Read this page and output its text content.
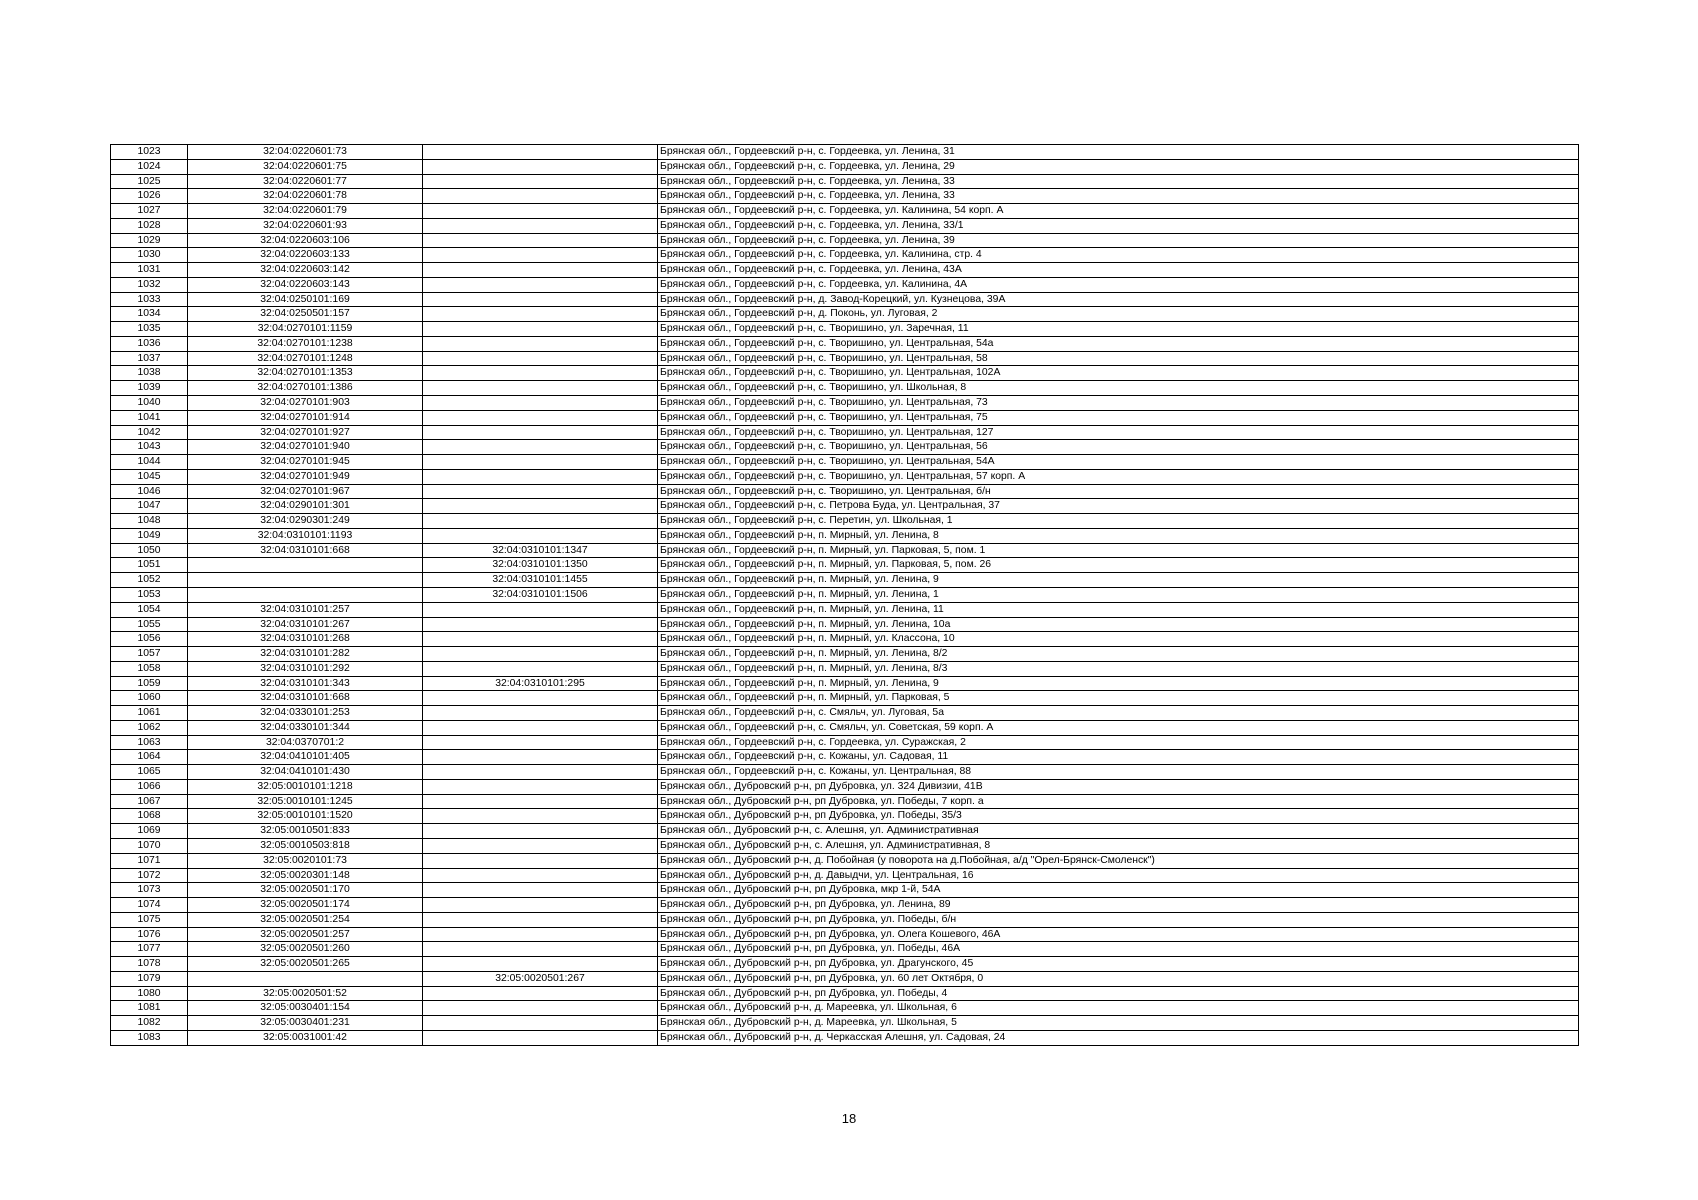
1023	32:04:0220601:73		Брянская обл., Гордеевский р-н, с. Гордеевка, ул. Ленина, 31
1024	32:04:0220601:75		Брянская обл., Гордеевский р-н, с. Гордеевка, ул. Ленина, 29
1025	32:04:0220601:77		Брянская обл., Гордеевский р-н, с. Гордеевка, ул. Ленина, 33
1026	32:04:0220601:78		Брянская обл., Гордеевский р-н, с. Гордеевка, ул. Ленина, 33
1027	32:04:0220601:79		Брянская обл., Гордеевский р-н, с. Гордеевка, ул. Калинина, 54 корп. А
1028	32:04:0220601:93		Брянская обл., Гордеевский р-н, с. Гордеевка, ул. Ленина, 33/1
1029	32:04:0220603:106		Брянская обл., Гордеевский р-н, с. Гордеевка, ул. Ленина, 39
1030	32:04:0220603:133		Брянская обл., Гордеевский р-н, с. Гордеевка, ул. Калинина, стр. 4
1031	32:04:0220603:142		Брянская обл., Гордеевский р-н, с. Гордеевка, ул. Ленина, 43А
1032	32:04:0220603:143		Брянская обл., Гордеевский р-н, с. Гордеевка, ул. Калинина, 4А
1033	32:04:0250101:169		Брянская обл., Гордеевский р-н, д. Завод-Корецкий, ул. Кузнецова, 39А
1034	32:04:0250501:157		Брянская обл., Гордеевский р-н, д. Поконь, ул. Луговая, 2
1035	32:04:0270101:1159		Брянская обл., Гордеевский р-н, с. Творишино, ул. Заречная, 11
1036	32:04:0270101:1238		Брянская обл., Гордеевский р-н, с. Творишино, ул. Центральная, 54а
1037	32:04:0270101:1248		Брянская обл., Гордеевский р-н, с. Творишино, ул. Центральная, 58
1038	32:04:0270101:1353		Брянская обл., Гордеевский р-н, с. Творишино, ул. Центральная, 102А
1039	32:04:0270101:1386		Брянская обл., Гордеевский р-н, с. Творишино, ул. Школьная, 8
1040	32:04:0270101:903		Брянская обл., Гордеевский р-н, с. Творишино, ул. Центральная, 73
1041	32:04:0270101:914		Брянская обл., Гордеевский р-н, с. Творишино, ул. Центральная, 75
1042	32:04:0270101:927		Брянская обл., Гордеевский р-н, с. Творишино, ул. Центральная, 127
1043	32:04:0270101:940		Брянская обл., Гордеевский р-н, с. Творишино, ул. Центральная, 56
1044	32:04:0270101:945		Брянская обл., Гордеевский р-н, с. Творишино, ул. Центральная, 54А
1045	32:04:0270101:949		Брянская обл., Гордеевский р-н, с. Творишино, ул. Центральная, 57 корп. А
1046	32:04:0270101:967		Брянская обл., Гордеевский р-н, с. Творишино, ул. Центральная, б/н
1047	32:04:0290101:301		Брянская обл., Гордеевский р-н, с. Петрова Буда, ул. Центральная, 37
1048	32:04:0290301:249		Брянская обл., Гордеевский р-н, с. Перетин, ул. Школьная, 1
1049	32:04:0310101:1193		Брянская обл., Гордеевский р-н, п. Мирный, ул. Ленина, 8
1050	32:04:0310101:668	32:04:0310101:1347	Брянская обл., Гордеевский р-н, п. Мирный, ул. Парковая, 5, пом. 1
1051		32:04:0310101:1350	Брянская обл., Гордеевский р-н, п. Мирный, ул. Парковая, 5, пом. 26
1052		32:04:0310101:1455	Брянская обл., Гордеевский р-н, п. Мирный, ул. Ленина, 9
1053		32:04:0310101:1506	Брянская обл., Гордеевский р-н, п. Мирный, ул. Ленина, 1
1054	32:04:0310101:257		Брянская обл., Гордеевский р-н, п. Мирный, ул. Ленина, 11
1055	32:04:0310101:267		Брянская обл., Гордеевский р-н, п. Мирный, ул. Ленина, 10а
1056	32:04:0310101:268		Брянская обл., Гордеевский р-н, п. Мирный, ул. Классона, 10
1057	32:04:0310101:282		Брянская обл., Гордеевский р-н, п. Мирный, ул. Ленина, 8/2
1058	32:04:0310101:292		Брянская обл., Гордеевский р-н, п. Мирный, ул. Ленина, 8/3
1059	32:04:0310101:343	32:04:0310101:295	Брянская обл., Гордеевский р-н, п. Мирный, ул. Ленина, 9
1060	32:04:0310101:668		Брянская обл., Гордеевский р-н, п. Мирный, ул. Парковая, 5
1061	32:04:0330101:253		Брянская обл., Гордеевский р-н, с. Смяльч, ул. Луговая, 5а
1062	32:04:0330101:344		Брянская обл., Гордеевский р-н, с. Смяльч, ул. Советская, 59 корп. А
1063	32:04:0370701:2		Брянская обл., Гордеевский р-н, с. Гордеевка, ул. Суражская, 2
1064	32:04:0410101:405		Брянская обл., Гордеевский р-н, с. Кожаны, ул. Садовая, 11
1065	32:04:0410101:430		Брянская обл., Гордеевский р-н, с. Кожаны, ул. Центральная, 88
1066	32:05:0010101:1218		Брянская обл., Дубровский р-н, рп Дубровка, ул. 324 Дивизии, 41В
1067	32:05:0010101:1245		Брянская обл., Дубровский р-н, рп Дубровка, ул. Победы, 7 корп. а
1068	32:05:0010101:1520		Брянская обл., Дубровский р-н, рп Дубровка, ул. Победы, 35/3
1069	32:05:0010501:833		Брянская обл., Дубровский р-н, с. Алешня, ул. Административная
1070	32:05:0010503:818		Брянская обл., Дубровский р-н, с. Алешня, ул. Административная, 8
1071	32:05:0020101:73		Брянская обл., Дубровский р-н, д. Побойная (у поворота на д.Побойная, а/д "Орел-Брянск-Смоленск")
1072	32:05:0020301:148		Брянская обл., Дубровский р-н, д. Давыдчи, ул. Центральная, 16
1073	32:05:0020501:170		Брянская обл., Дубровский р-н, рп Дубровка, мкр 1-й, 54А
1074	32:05:0020501:174		Брянская обл., Дубровский р-н, рп Дубровка, ул. Ленина, 89
1075	32:05:0020501:254		Брянская обл., Дубровский р-н, рп Дубровка, ул. Победы, б/н
1076	32:05:0020501:257		Брянская обл., Дубровский р-н, рп Дубровка, ул. Олега Кошевого, 46А
1077	32:05:0020501:260		Брянская обл., Дубровский р-н, рп Дубровка, ул. Победы, 46А
1078	32:05:0020501:265		Брянская обл., Дубровский р-н, рп Дубровка, ул. Драгунского, 45
1079		32:05:0020501:267	Брянская обл., Дубровский р-н, рп Дубровка, ул. 60 лет Октября, 0
1080	32:05:0020501:52		Брянская обл., Дубровский р-н, рп Дубровка, ул. Победы, 4
1081	32:05:0030401:154		Брянская обл., Дубровский р-н, д. Мареевка, ул. Школьная, 6
1082	32:05:0030401:231		Брянская обл., Дубровский р-н, д. Мареевка, ул. Школьная, 5
1083	32:05:0031001:42		Брянская обл., Дубровский р-н, д. Черкасская Алешня, ул. Садовая, 24
18
